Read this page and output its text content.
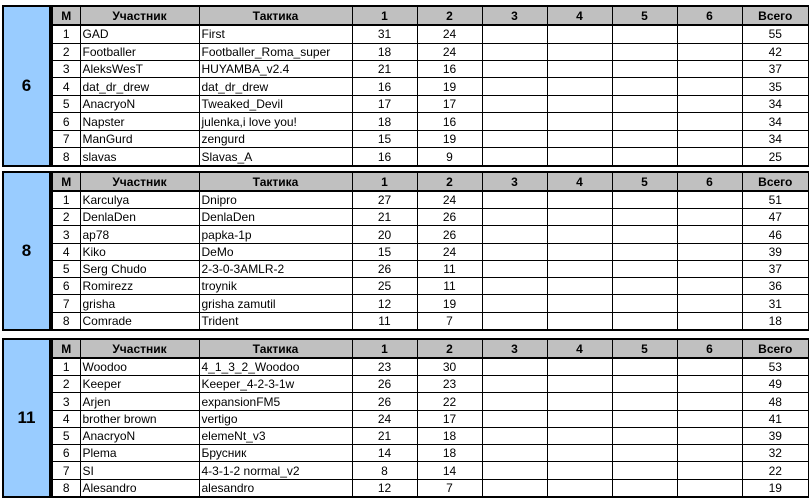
6
М	Участник	Тактика	1	2	3	4	5	6	Всего
1	GAD	First	31	24					55
2	Footballer	Footballer_Roma_super	18	24					42
3	AleksWesT	HUYAMBA_v2.4	21	16					37
4	dat_dr_drew	dat_dr_drew	16	19					35
5	AnacryoN	Tweaked_Devil	17	17					34
6	Napster	julenka,i love you!	18	16					34
7	ManGurd	zengurd	15	19					34
8	slavas	Slavas_A	16	9					25
8
М	Участник	Тактика	1	2	3	4	5	6	Всего
1	Karculya	Dnipro	27	24					51
2	DenlaDen	DenlaDen	21	26					47
3	ap78	papka-1p	20	26					46
4	Kiko	DeMo	15	24					39
5	Serg Chudo	2-3-0-3AMLR-2	26	11					37
6	Romirezz	troynik	25	11					36
7	grisha	grisha zamutil	12	19					31
8	Comrade	Trident	11	7					18
11
М	Участник	Тактика	1	2	3	4	5	6	Всего
1	Woodoo	4_1_3_2_Woodoo	23	30					53
2	Keeper	Keeper_4-2-3-1w	26	23					49
3	Arjen	expansionFM5	26	22					48
4	brother brown	vertigo	24	17					41
5	AnacryoN	elemeNt_v3	21	18					39
6	Plema	Брусник	14	18					32
7	SI	4-3-1-2 normal_v2	8	14					22
8	Alesandro	alesandro	12	7					19
